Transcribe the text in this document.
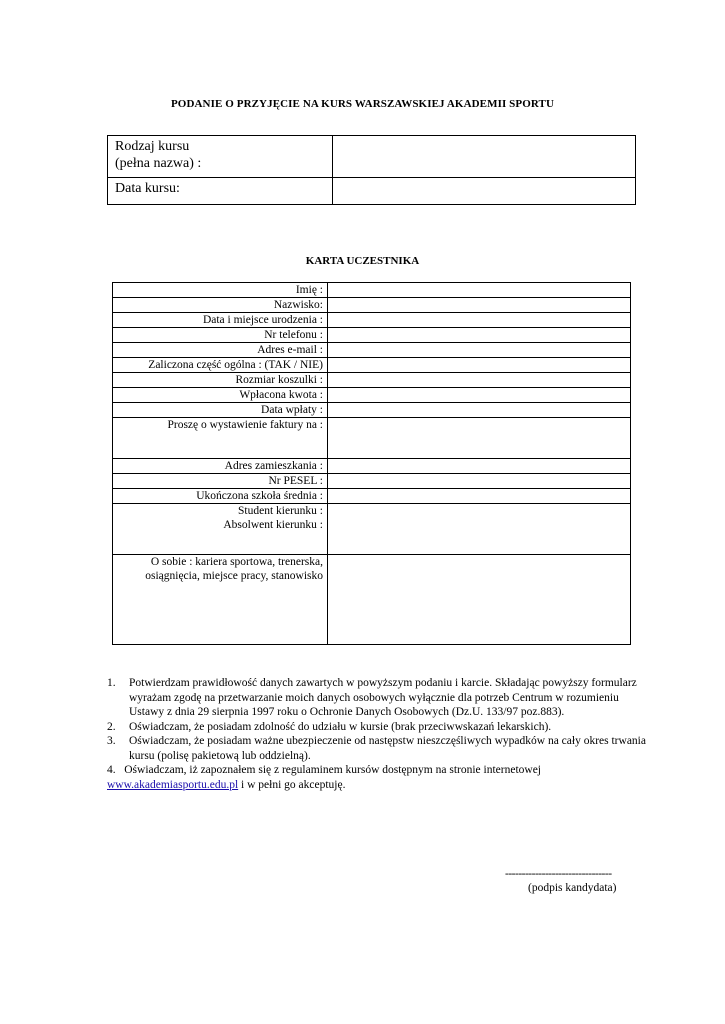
PODANIE O PRZYJĘCIE NA KURS WARSZAWSKIEJ AKADEMII SPORTU
Rodzaj kursu
(pełna nazwa) :	

Data kursu:	
KARTA UCZESTNIKA
Imię :	
Nazwisko:	
Data i miejsce urodzenia :	
Nr telefonu :	
Adres e-mail :	
Zaliczona część ogólna : (TAK / NIE)	
Rozmiar koszulki :	
Wpłacona kwota :	
Data wpłaty :	
Proszę o wystawienie faktury na :	
Adres zamieszkania :	
Nr PESEL :	
Ukończona szkoła średnia :	

Student kierunku :
Absolwent kierunku :	

O sobie : kariera sportowa, trenerska,
osiągnięcia, miejsce pracy, stanowisko	

1. Potwierdzam prawidłowość danych zawartych w powyższym podaniu i karcie. Składając powyższy formularz wyrażam zgodę na przetwarzanie moich danych osobowych wyłącznie dla potrzeb Centrum w rozumieniu Ustawy z dnia 29 sierpnia 1997 roku o Ochronie Danych Osobowych (Dz.U. 133/97 poz.883).
2. Oświadczam, że posiadam zdolność do udziału w kursie (brak przeciwwskazań lekarskich).
3. Oświadczam, że posiadam ważne ubezpieczenie od następstw nieszczęśliwych wypadków na cały okres trwania kursu (polisę pakietową lub oddzielną).
4. Oświadczam, iż zapoznałem się z regulaminem kursów dostępnym na stronie internetowej
www.akademiasportu.edu.pl i w pełni go akceptuję.
--------------------------------
(podpis kandydata)
